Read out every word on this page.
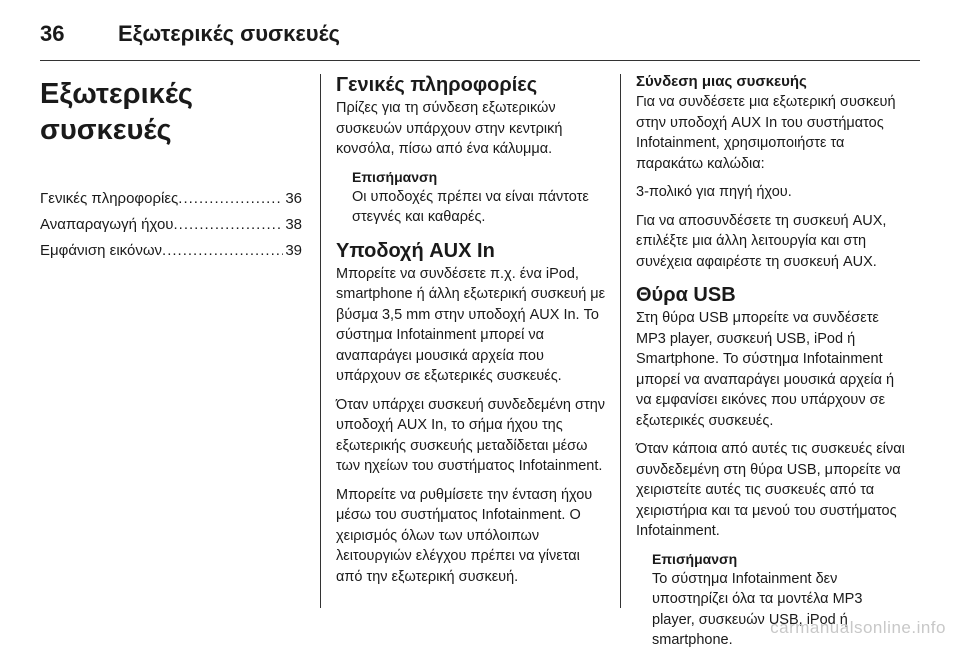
36	Εξωτερικές συσκευές
Εξωτερικές συσκευές
Γενικές πληροφορίες .....	36
Αναπαραγωγή ήχου .....	38
Εμφάνιση εικόνων .....	39
Γενικές πληροφορίες

Πρίζες για τη σύνδεση εξωτερικών συσκευών υπάρχουν στην κεντρική κονσόλα, πίσω από ένα κάλυμμα.

Επισήμανση
Οι υποδοχές πρέπει να είναι πάντοτε στεγνές και καθαρές.
Υποδοχή AUX In

Μπορείτε να συνδέσετε π.χ. ένα iPod, smartphone ή άλλη εξωτερική συσκευή με βύσμα 3,5 mm στην υποδοχή AUX In. Το σύστημα Infotainment μπορεί να αναπαράγει μουσικά αρχεία που υπάρχουν σε εξωτερικές συσκευές.

Όταν υπάρχει συσκευή συνδεδεμένη στην υποδοχή AUX In, το σήμα ήχου της εξωτερικής συσκευής μεταδίδεται μέσω των ηχείων του συστήματος Infotainment.

Μπορείτε να ρυθμίσετε την ένταση ήχου μέσω του συστήματος Infotainment. Ο χειρισμός όλων των υπόλοιπων λειτουργιών ελέγχου πρέπει να γίνεται από την εξωτερική συσκευή.

Σύνδεση μιας συσκευής

Για να συνδέσετε μια εξωτερική συσκευή στην υποδοχή AUX In του συστήματος Infotainment, χρησιμοποιήστε τα παρακάτω καλώδια:

3-πολικό για πηγή ήχου.

Για να αποσυνδέσετε τη συσκευή AUX, επιλέξτε μια άλλη λειτουργία και στη συνέχεια αφαιρέστε τη συσκευή AUX.

Θύρα USB

Στη θύρα USB μπορείτε να συνδέσετε MP3 player, συσκευή USB, iPod ή Smartphone. Το σύστημα Infotainment μπορεί να αναπαράγει μουσικά αρχεία ή να εμφανίσει εικόνες που υπάρχουν σε εξωτερικές συσκευές.

Όταν κάποια από αυτές τις συσκευές είναι συνδεδεμένη στη θύρα USB, μπορείτε να χειριστείτε αυτές τις συσκευές από τα χειριστήρια και τα μενού του συστήματος Infotainment.

Επισήμανση
Το σύστημα Infotainment δεν υποστηρίζει όλα τα μοντέλα MP3 player, συσκευών USB, iPod ή smartphone.
carmanualsonline.info
